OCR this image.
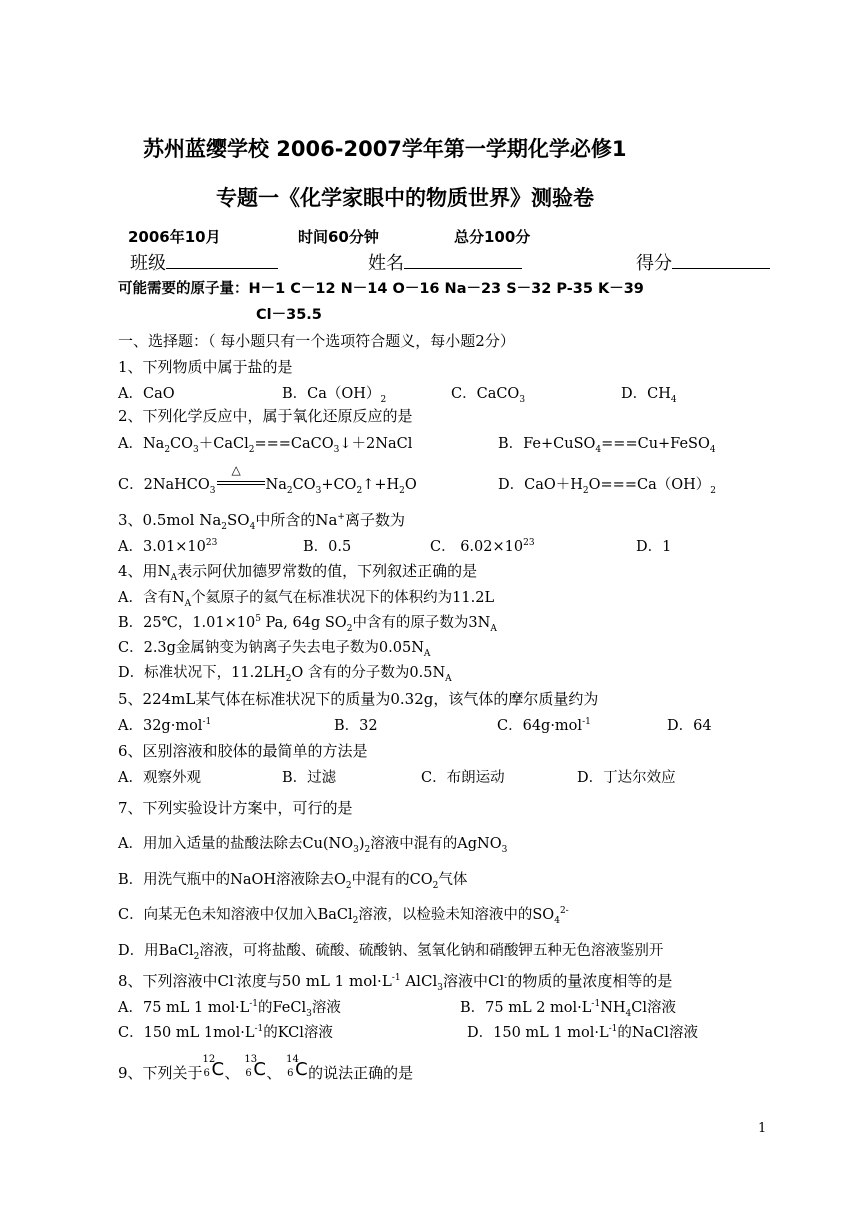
苏州蓝缨学校 2006-2007学年第一学期化学必修1
专题一《化学家眼中的物质世界》测验卷
2006年10月	时间60分钟	总分100分
班级	姓名	得分
可能需要的原子量：H－1 C－12 N－14 O－16 Na－23 S－32 P-35 K－39
Cl－35.5
一、选择题：（ 每小题只有一个选项符合题义，每小题2分）
1、下列物质中属于盐的是
A．CaO	B．$Ca(OH)_2$	C．CaCO$_3$	D．$CH_4$
2、下列化学反应中，属于氧化还原反应的是
A．$Na_2CO_3+CaCl_2===CaCO_3↓+2NaCl$	B．Fe+CuSO$_4$===Cu+FeSO$_4$
C．2NaHCO$_3$
△
$Na_2CO_3+CO_2↑+H_2O$	D．$CaO+H_2O===Ca(OH)_2$
3、0.5mol $Na_2SO_4$中所含的Na+离子数为
A．$3.01\times 10^{23}$	B．0.5	C． $6.02\times 10^{23}$	D．1
4、用$N_A$表示阿伏加德罗常数的值，下列叙述正确的是
A．含有$N_A$个氦原子的氦气在标准状况下的体积约为11.2L
B．25℃，$1.01\times 10^5$ Pa, 64g $SO_2$中含有的原子数为$3N_A$
C．2.3g金属钠变为钠离子失去电子数为$0.05N_A$
D．标准状况下，$11.2LH_2O$ 含有的分子数为$0.5N_A$
5、224mL某气体在标准状况下的质量为0.32g，该气体的摩尔质量约为
A．32g·mol$^{-1}$	B．32	C．64g·mol$^{-1}$	D．64
6、区别溶液和胶体的最简单的方法是
A．观察外观	B．过滤	C．布朗运动	D．丁达尔效应
7、下列实验设计方案中，可行的是
A．用加入适量的盐酸法除去$Cu(NO_3)_2$溶液中混有的AgNO$_3$
B．用洗气瓶中的NaOH溶液除去$O_2$中混有的$CO_2$气体
C．向某无色未知溶液中仅加入BaCl$_2$溶液，以检验未知溶液中的$SO_4^{2-}$
D．用BaCl$_2$溶液，可将盐酸、硫酸、硫酸钠、氢氧化钠和硝酸钾五种无色溶液鉴别开
8、下列溶液中Cl-浓度与50 mL 1 $mol\cdot L^{-1}$ AlCl$_3$溶液中Cl-的物质的量浓度相等的是
A．75 mL 1 $mol\cdot L^{-1}$的FeCl$_3$溶液	B．75 mL 2 $mol\cdot L^{-1}NH_4Cl$溶液
C．150 mL $1mol\cdot L^{-1}$的KCl溶液	D．150 mL 1 $mol\cdot L^{-1}$的NaCl溶液
9、下列关于
12
6 C 、
13
6 C 、
14
6 C 的说法正确的是
1
